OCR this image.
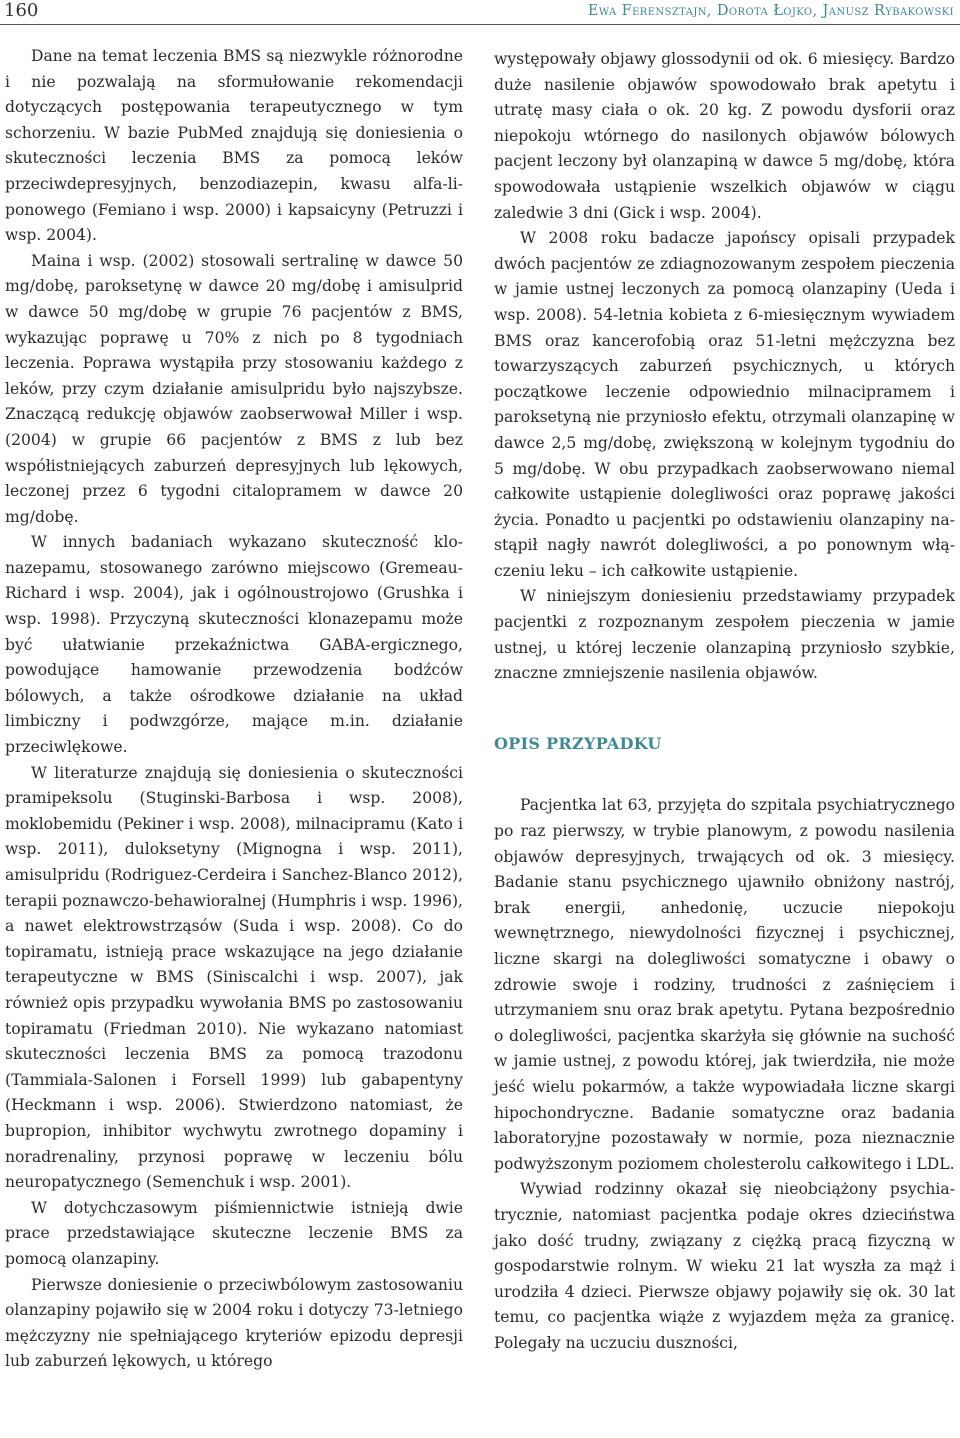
160	Ewa Ferensztajn, Dorota Łojko, Janusz Rybakowski

Dane na temat leczenia BMS są niezwykle różnorodne i nie pozwalają na sformułowanie rekomendacji dotyczących postępowania terapeutycznego w tym schorzeniu. W bazie PubMed znajdują się doniesienia o skuteczności leczenia BMS za pomocą leków przeciwdepresyjnych, benzodiazepin, kwasu alfa-liponowego (Femiano i wsp. 2000) i kapsaicyny (Petruzzi i wsp. 2004).

Maina i wsp. (2002) stosowali sertralinę w dawce 50 mg/dobę, paroksetynę w dawce 20 mg/dobę i amisulprid w dawce 50 mg/dobę w grupie 76 pacjentów z BMS, wykazując poprawę u 70% z nich po 8 tygodniach leczenia. Poprawa wystąpiła przy stosowaniu każdego z leków, przy czym działanie amisulpridu było najszybsze. Znaczącą redukcję objawów zaobserwował Miller i wsp. (2004) w grupie 66 pacjentów z BMS z lub bez współistniejących zaburzeń depresyjnych lub lękowych, leczonej przez 6 tygodni citalopramem w dawce 20 mg/dobę.

W innych badaniach wykazano skuteczność klonazepamu, stosowanego zarówno miejscowo (Gremeau-Richard i wsp. 2004), jak i ogólnoustrojowo (Grushka i wsp. 1998). Przyczyną skuteczności klonazepamu może być ułatwianie przekaźnictwa GABA-ergicznego, powodujące hamowanie przewodzenia bodźców bólowych, a także ośrodkowe działanie na układ limbiczny i podwzgórze, mające m.in. działanie przeciwlękowe.

W literaturze znajdują się doniesienia o skuteczności pramipeksolu (Stuginski-Barbosa i wsp. 2008), moklobemidu (Pekiner i wsp. 2008), milnacipramu (Kato i wsp. 2011), duloksetyny (Mignogna i wsp. 2011), amisulpridu (Rodriguez-Cerdeira i Sanchez-Blanco 2012), terapii poznawczo-behawioralnej (Humphris i wsp. 1996), a nawet elektrowstrząsów (Suda i wsp. 2008). Co do topiramatu, istnieją prace wskazujące na jego działanie terapeutyczne w BMS (Siniscalchi i wsp. 2007), jak również opis przypadku wywołania BMS po zastosowaniu topiramatu (Friedman 2010). Nie wykazano natomiast skuteczności leczenia BMS za pomocą trazodonu (Tammiala-Salonen i Forsell 1999) lub gabapentyny (Heckmann i wsp. 2006). Stwierdzono natomiast, że bupropion, inhibitor wychwytu zwrotnego dopaminy i noradrenaliny, przynosi poprawę w leczeniu bólu neuropatycznego (Semenchuk i wsp. 2001).

W dotychczasowym piśmiennictwie istnieją dwie prace przedstawiające skuteczne leczenie BMS za pomocą olanzapiny.

Pierwsze doniesienie o przeciwbólowym zastosowaniu olanzapiny pojawiło się w 2004 roku i dotyczy 73-letniego mężczyzny nie spełniającego kryteriów epizodu depresji lub zaburzeń lękowych, u którego

występowały objawy glossodynii od ok. 6 miesięcy. Bardzo duże nasilenie objawów spowodowało brak apetytu i utratę masy ciała o ok. 20 kg. Z powodu dysforii oraz niepokoju wtórnego do nasilonych objawów bólowych pacjent leczony był olanzapiną w dawce 5 mg/dobę, która spowodowała ustąpienie wszelkich objawów w ciągu zaledwie 3 dni (Gick i wsp. 2004).

W 2008 roku badacze japońscy opisali przypadek dwóch pacjentów ze zdiagnozowanym zespołem pieczenia w jamie ustnej leczonych za pomocą olanzapiny (Ueda i wsp. 2008). 54-letnia kobieta z 6-miesięcznym wywiadem BMS oraz kancerofobią oraz 51-letni mężczyzna bez towarzyszących zaburzeń psychicznych, u których początkowe leczenie odpowiednio milnacipramem i paroksetyną nie przyniosło efektu, otrzymali olanzapinę w dawce 2,5 mg/dobę, zwiększoną w kolejnym tygodniu do 5 mg/dobę. W obu przypadkach zaobserwowano niemal całkowite ustąpienie dolegliwości oraz poprawę jakości życia. Ponadto u pacjentki po odstawieniu olanzapiny nastąpił nagły nawrót dolegliwości, a po ponownym włączeniu leku – ich całkowite ustąpienie.

W niniejszym doniesieniu przedstawiamy przypadek pacjentki z rozpoznanym zespołem pieczenia w jamie ustnej, u której leczenie olanzapiną przyniosło szybkie, znaczne zmniejszenie nasilenia objawów.

OPIS PRZYPADKU

Pacjentka lat 63, przyjęta do szpitala psychiatrycznego po raz pierwszy, w trybie planowym, z powodu nasilenia objawów depresyjnych, trwających od ok. 3 miesięcy. Badanie stanu psychicznego ujawniło obniżony nastrój, brak energii, anhedonię, uczucie niepokoju wewnętrznego, niewydolności fizycznej i psychicznej, liczne skargi na dolegliwości somatyczne i obawy o zdrowie swoje i rodziny, trudności z zaśnięciem i utrzymaniem snu oraz brak apetytu. Pytana bezpośrednio o dolegliwości, pacjentka skarżyła się głównie na suchość w jamie ustnej, z powodu której, jak twierdziła, nie może jeść wielu pokarmów, a także wypowiadała liczne skargi hipochondryczne. Badanie somatyczne oraz badania laboratoryjne pozostawały w normie, poza nieznacznie podwyższonym poziomem cholesterolu całkowitego i LDL.

Wywiad rodzinny okazał się nieobciążony psychiatrycznie, natomiast pacjentka podaje okres dzieciństwa jako dość trudny, związany z ciężką pracą fizyczną w gospodarstwie rolnym. W wieku 21 lat wyszła za mąż i urodziła 4 dzieci. Pierwsze objawy pojawiły się ok. 30 lat temu, co pacjentka wiąże z wyjazdem męża za granicę. Polegały na uczuciu duszności,
